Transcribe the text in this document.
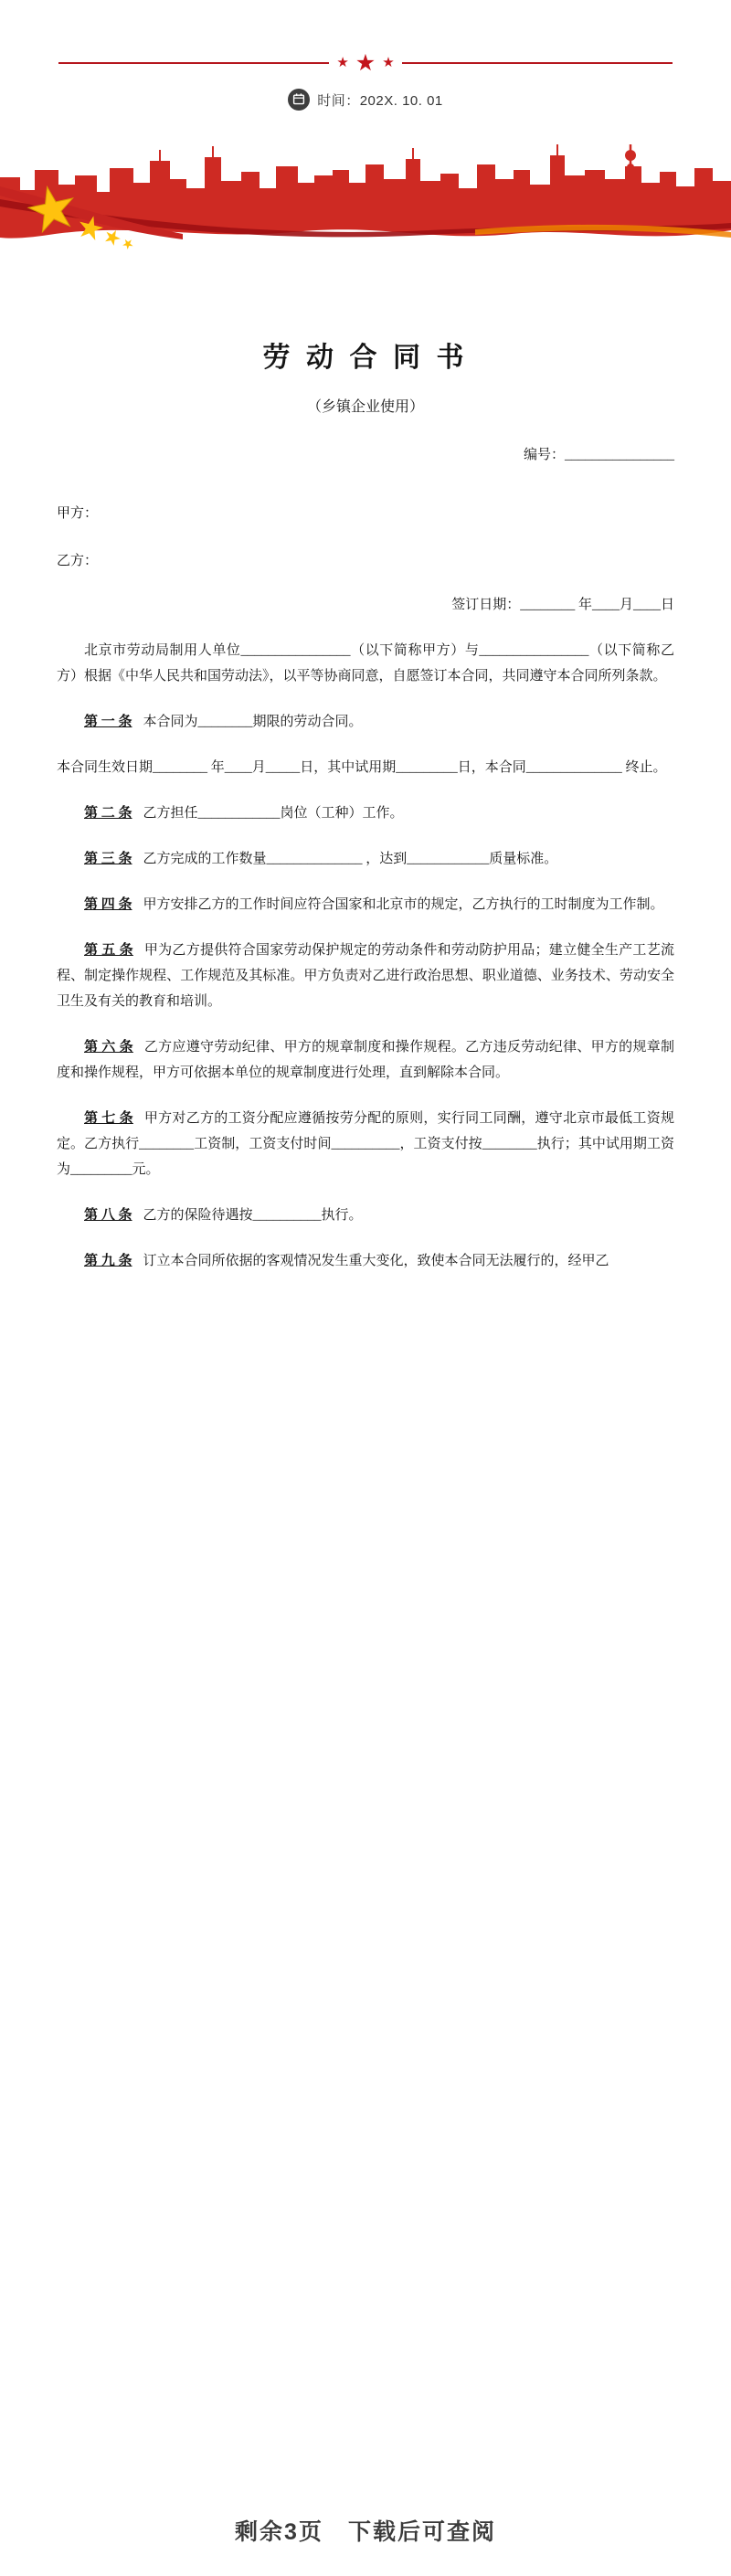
★ ★ ★
时间：202X. 10. 01
劳 动 合 同 书
（乡镇企业使用）
编号：________________
甲方：
乙方：
签订日期：________ 年____月____日

北京市劳动局制用人单位________________（以下简称甲方）与________________（以下简称乙方）根据《中华人民共和国劳动法》，以平等协商同意，自愿签订本合同，共同遵守本合同所列条款。

第 一 条 本合同为________期限的劳动合同。

本合同生效日期________ 年____月_____日，其中试用期_________日，本合同______________ 终止。

第 二 条 乙方担任____________岗位（工种）工作。

第 三 条 乙方完成的工作数量______________ ，达到____________质量标准。

第 四 条 甲方安排乙方的工作时间应符合国家和北京市的规定，乙方执行的工时制度为工作制。

第 五 条 甲为乙方提供符合国家劳动保护规定的劳动条件和劳动防护用品；建立健全生产工艺流程、制定操作规程、工作规范及其标准。甲方负责对乙进行政治思想、职业道德、业务技术、劳动安全卫生及有关的教育和培训。

第 六 条 乙方应遵守劳动纪律、甲方的规章制度和操作规程。乙方违反劳动纪律、甲方的规章制度和操作规程，甲方可依据本单位的规章制度进行处理，直到解除本合同。

第 七 条 甲方对乙方的工资分配应遵循按劳分配的原则，实行同工同酬，遵守北京市最低工资规定。乙方执行________工资制，工资支付时间__________，工资支付按________执行；其中试用期工资为_________元。

第 八 条 乙方的保险待遇按__________执行。

第 九 条 订立本合同所依据的客观情况发生重大变化，致使本合同无法履行的，经甲乙

剩余3页　下载后可查阅
